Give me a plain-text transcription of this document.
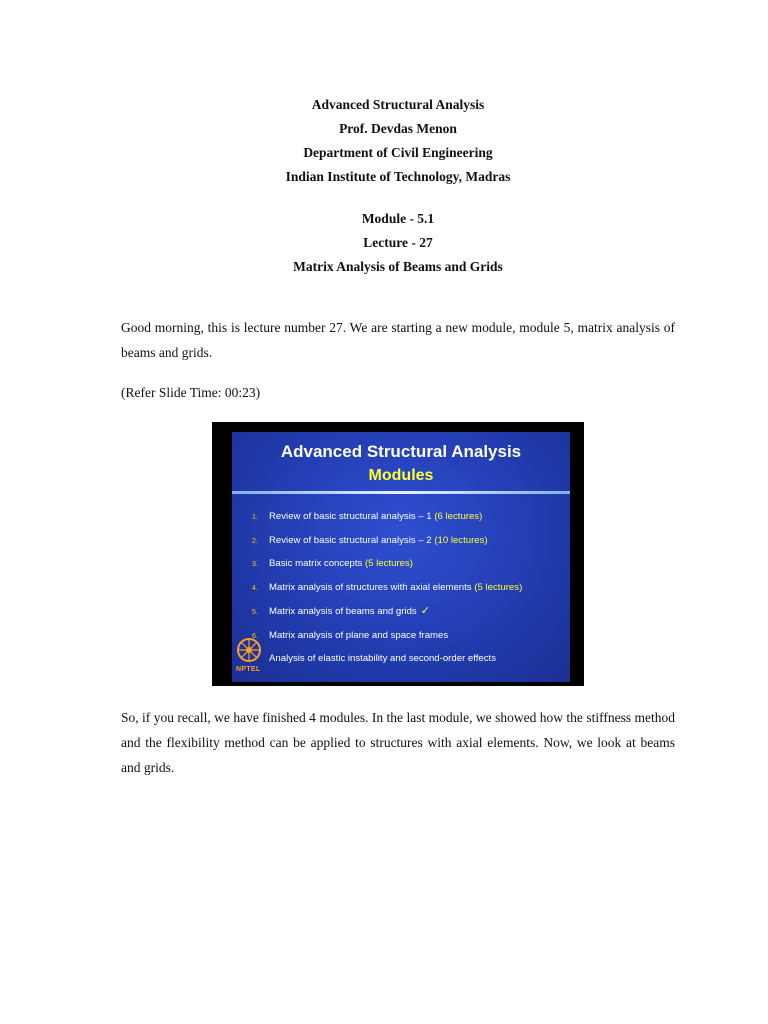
Advanced Structural Analysis
Prof. Devdas Menon
Department of Civil Engineering
Indian Institute of Technology, Madras
Module - 5.1
Lecture - 27
Matrix Analysis of Beams and Grids

Good morning, this is lecture number 27. We are starting a new module, module 5, matrix analysis of beams and grids.

(Refer Slide Time: 00:23)

Advanced Structural Analysis
Modules
1. Review of basic structural analysis – 1 (6 lectures)
2. Review of basic structural analysis – 2 (10 lectures)
3. Basic matrix concepts (5 lectures)
4. Matrix analysis of structures with axial elements (5 lectures)
5. Matrix analysis of beams and grids ✓
6. Matrix analysis of plane and space frames
Analysis of elastic instability and second-order effects
NPTEL

So, if you recall, we have finished 4 modules. In the last module, we showed how the stiffness method and the flexibility method can be applied to structures with axial elements. Now, we look at beams and grids.
